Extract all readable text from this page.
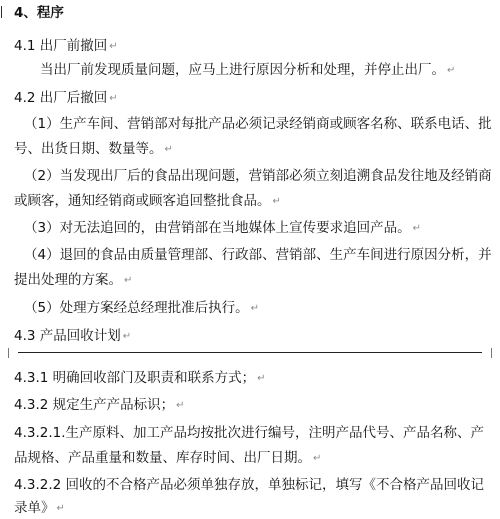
4、程序
4.1 出厂前撤回 ↵
当出厂前发现质量问题，应马上进行原因分析和处理，并停止出厂。 ↵
4.2 出厂后撤回 ↵
（1）生产车间、营销部对每批产品必须记录经销商或顾客名称、联系电话、批
号、出货日期、数量等。 ↵
（2）当发现出厂后的食品出现问题，营销部必须立刻追溯食品发往地及经销商
或顾客，通知经销商或顾客追回整批食品。 ↵
（3）对无法追回的，由营销部在当地媒体上宣传要求追回产品。 ↵
（4）退回的食品由质量管理部、行政部、营销部、生产车间进行原因分析，并
提出处理的方案。 ↵
（5）处理方案经总经理批准后执行。 ↵
4.3 产品回收计划 ↵
4.3.1 明确回收部门及职责和联系方式； ↵
4.3.2 规定生产产品标识； ↵
4.3.2.1.生产原料、加工产品均按批次进行编号，注明产品代号、产品名称、产
品规格、产品重量和数量、库存时间、出厂日期。 ↵
4.3.2.2 回收的不合格产品必须单独存放，单独标记，填写《不合格产品回收记
录单》 ↵
